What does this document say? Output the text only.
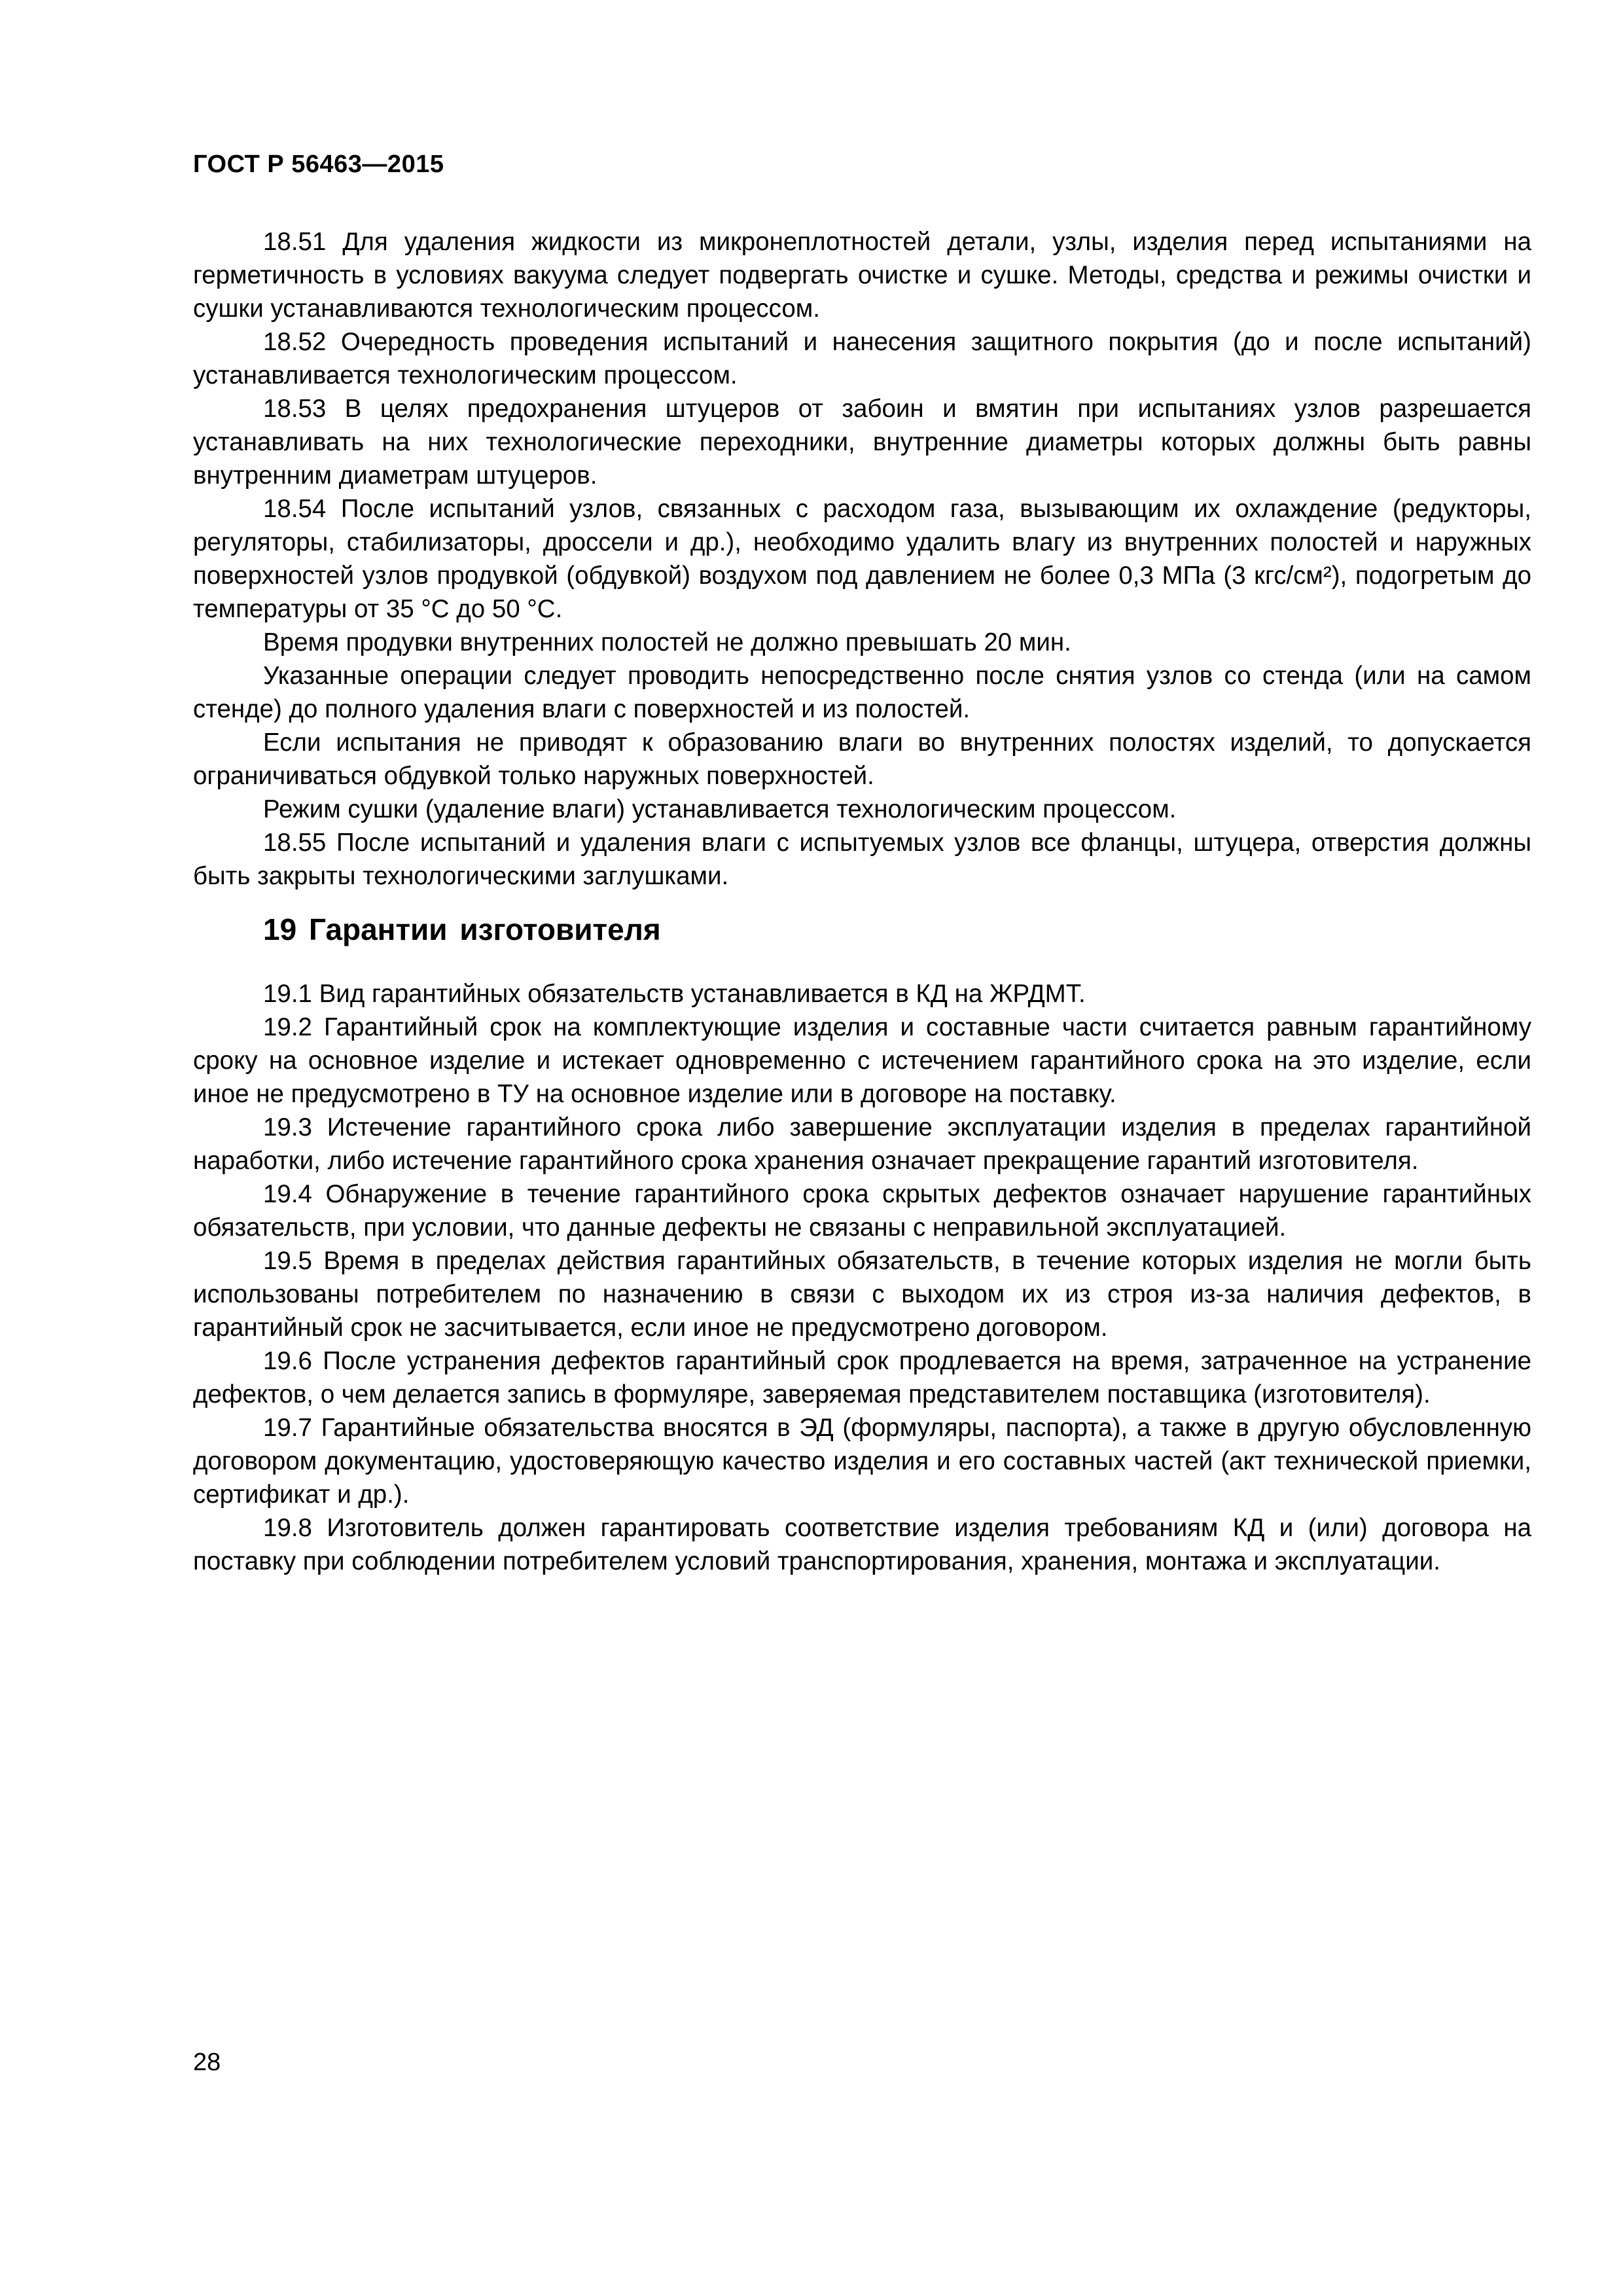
ГОСТ Р 56463—2015

18.51 Для удаления жидкости из микронеплотностей детали, узлы, изделия перед испытаниями на герметичность в условиях вакуума следует подвергать очистке и сушке. Методы, средства и режимы очистки и сушки устанавливаются технологическим процессом.

18.52 Очередность проведения испытаний и нанесения защитного покрытия (до и после испытаний) устанавливается технологическим процессом.

18.53 В целях предохранения штуцеров от забоин и вмятин при испытаниях узлов разрешается устанавливать на них технологические переходники, внутренние диаметры которых должны быть равны внутренним диаметрам штуцеров.

18.54 После испытаний узлов, связанных с расходом газа, вызывающим их охлаждение (редукторы, регуляторы, стабилизаторы, дроссели и др.), необходимо удалить влагу из внутренних полостей и наружных поверхностей узлов продувкой (обдувкой) воздухом под давлением не более 0,3 МПа (3 кгс/см²), подогретым до температуры от 35 °С до 50 °С.

Время продувки внутренних полостей не должно превышать 20 мин.

Указанные операции следует проводить непосредственно после снятия узлов со стенда (или на самом стенде) до полного удаления влаги с поверхностей и из полостей.

Если испытания не приводят к образованию влаги во внутренних полостях изделий, то допускается ограничиваться обдувкой только наружных поверхностей.

Режим сушки (удаление влаги) устанавливается технологическим процессом.

18.55 После испытаний и удаления влаги с испытуемых узлов все фланцы, штуцера, отверстия должны быть закрыты технологическими заглушками.

19 Гарантии изготовителя

19.1 Вид гарантийных обязательств устанавливается в КД на ЖРДМТ.

19.2 Гарантийный срок на комплектующие изделия и составные части считается равным гарантийному сроку на основное изделие и истекает одновременно с истечением гарантийного срока на это изделие, если иное не предусмотрено в ТУ на основное изделие или в договоре на поставку.

19.3 Истечение гарантийного срока либо завершение эксплуатации изделия в пределах гарантийной наработки, либо истечение гарантийного срока хранения означает прекращение гарантий изготовителя.

19.4 Обнаружение в течение гарантийного срока скрытых дефектов означает нарушение гарантийных обязательств, при условии, что данные дефекты не связаны с неправильной эксплуатацией.

19.5 Время в пределах действия гарантийных обязательств, в течение которых изделия не могли быть использованы потребителем по назначению в связи с выходом их из строя из-за наличия дефектов, в гарантийный срок не засчитывается, если иное не предусмотрено договором.

19.6 После устранения дефектов гарантийный срок продлевается на время, затраченное на устранение дефектов, о чем делается запись в формуляре, заверяемая представителем поставщика (изготовителя).

19.7 Гарантийные обязательства вносятся в ЭД (формуляры, паспорта), а также в другую обусловленную договором документацию, удостоверяющую качество изделия и его составных частей (акт технической приемки, сертификат и др.).

19.8 Изготовитель должен гарантировать соответствие изделия требованиям КД и (или) договора на поставку при соблюдении потребителем условий транспортирования, хранения, монтажа и эксплуатации.

28
